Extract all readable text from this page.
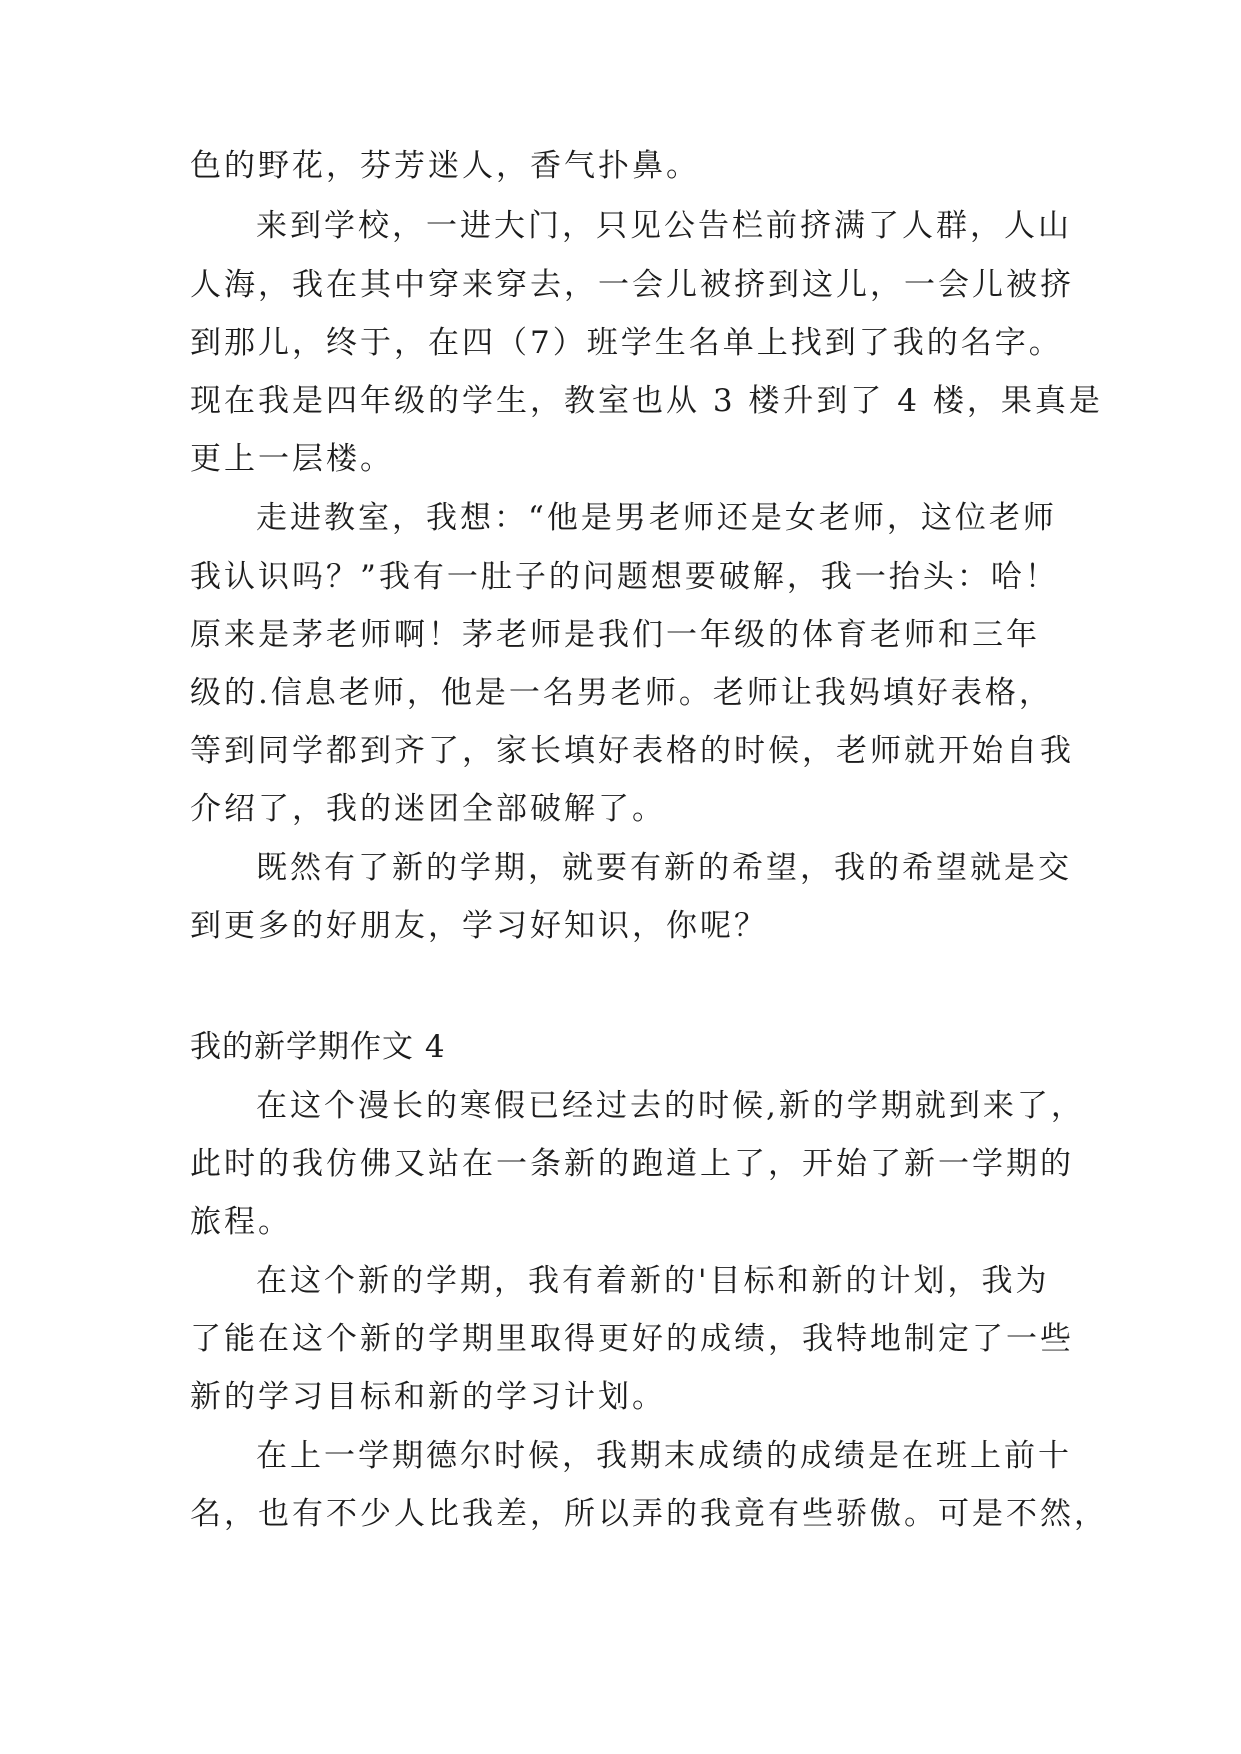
色的野花，芬芳迷人，香气扑鼻。

来到学校，一进大门，只见公告栏前挤满了人群，人山

人海，我在其中穿来穿去，一会儿被挤到这儿，一会儿被挤

到那儿，终于，在四（7）班学生名单上找到了我的名字。

现在我是四年级的学生，教室也从 3 楼升到了 4 楼，果真是

更上一层楼。

走进教室，我想：“他是男老师还是女老师，这位老师

我认识吗？”我有一肚子的问题想要破解，我一抬头：哈！

原来是茅老师啊！茅老师是我们一年级的体育老师和三年

级的.信息老师，他是一名男老师。老师让我妈填好表格，

等到同学都到齐了，家长填好表格的时候，老师就开始自我

介绍了，我的迷团全部破解了。

既然有了新的学期，就要有新的希望，我的希望就是交

到更多的好朋友，学习好知识，你呢？

我的新学期作文 4

在这个漫长的寒假已经过去的时候,新的学期就到来了，

此时的我仿佛又站在一条新的跑道上了，开始了新一学期的

旅程。

在这个新的学期，我有着新的'目标和新的计划，我为

了能在这个新的学期里取得更好的成绩，我特地制定了一些

新的学习目标和新的学习计划。

在上一学期德尔时候，我期末成绩的成绩是在班上前十

名，也有不少人比我差，所以弄的我竟有些骄傲。可是不然，
